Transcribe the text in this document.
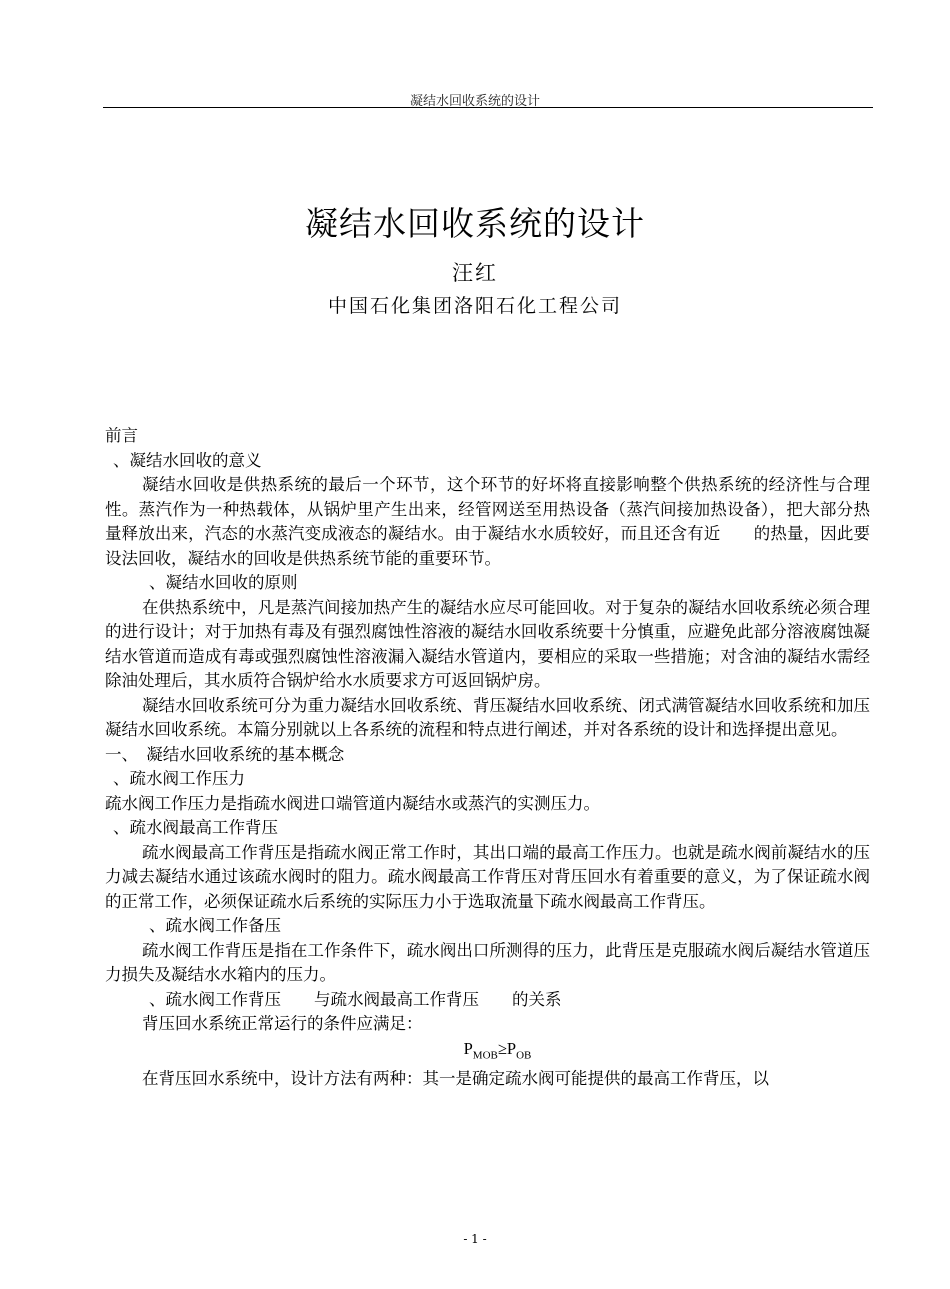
凝结水回收系统的设计
凝结水回收系统的设计
汪红
中国石化集团洛阳石化工程公司

前言

、凝结水回收的意义

凝结水回收是供热系统的最后一个环节，这个环节的好坏将直接影响整个供热系统的经济性与合理性。蒸汽作为一种热载体，从锅炉里产生出来，经管网送至用热设备（蒸汽间接加热设备），把大部分热量释放出来，汽态的水蒸汽变成液态的凝结水。由于凝结水水质较好，而且还含有近　　的热量，因此要设法回收，凝结水的回收是供热系统节能的重要环节。

、凝结水回收的原则

在供热系统中，凡是蒸汽间接加热产生的凝结水应尽可能回收。对于复杂的凝结水回收系统必须合理的进行设计；对于加热有毒及有强烈腐蚀性溶液的凝结水回收系统要十分慎重，应避免此部分溶液腐蚀凝结水管道而造成有毒或强烈腐蚀性溶液漏入凝结水管道内，要相应的采取一些措施；对含油的凝结水需经除油处理后，其水质符合锅炉给水水质要求方可返回锅炉房。

凝结水回收系统可分为重力凝结水回收系统、背压凝结水回收系统、闭式满管凝结水回收系统和加压凝结水回收系统。本篇分别就以上各系统的流程和特点进行阐述，并对各系统的设计和选择提出意见。

一、　凝结水回收系统的基本概念

、疏水阀工作压力

疏水阀工作压力是指疏水阀进口端管道内凝结水或蒸汽的实测压力。

、疏水阀最高工作背压

疏水阀最高工作背压是指疏水阀正常工作时，其出口端的最高工作压力。也就是疏水阀前凝结水的压力减去凝结水通过该疏水阀时的阻力。疏水阀最高工作背压对背压回水有着重要的意义，为了保证疏水阀的正常工作，必须保证疏水后系统的实际压力小于选取流量下疏水阀最高工作背压。

、疏水阀工作备压

疏水阀工作背压是指在工作条件下，疏水阀出口所测得的压力，此背压是克服疏水阀后凝结水管道压力损失及凝结水水箱内的压力。

、疏水阀工作背压　　与疏水阀最高工作背压　　的关系

背压回水系统正常运行的条件应满足：

$P_{MOB}\ge P_{OB}$

在背压回水系统中，设计方法有两种：其一是确定疏水阀可能提供的最高工作背压，以

- 1 -
